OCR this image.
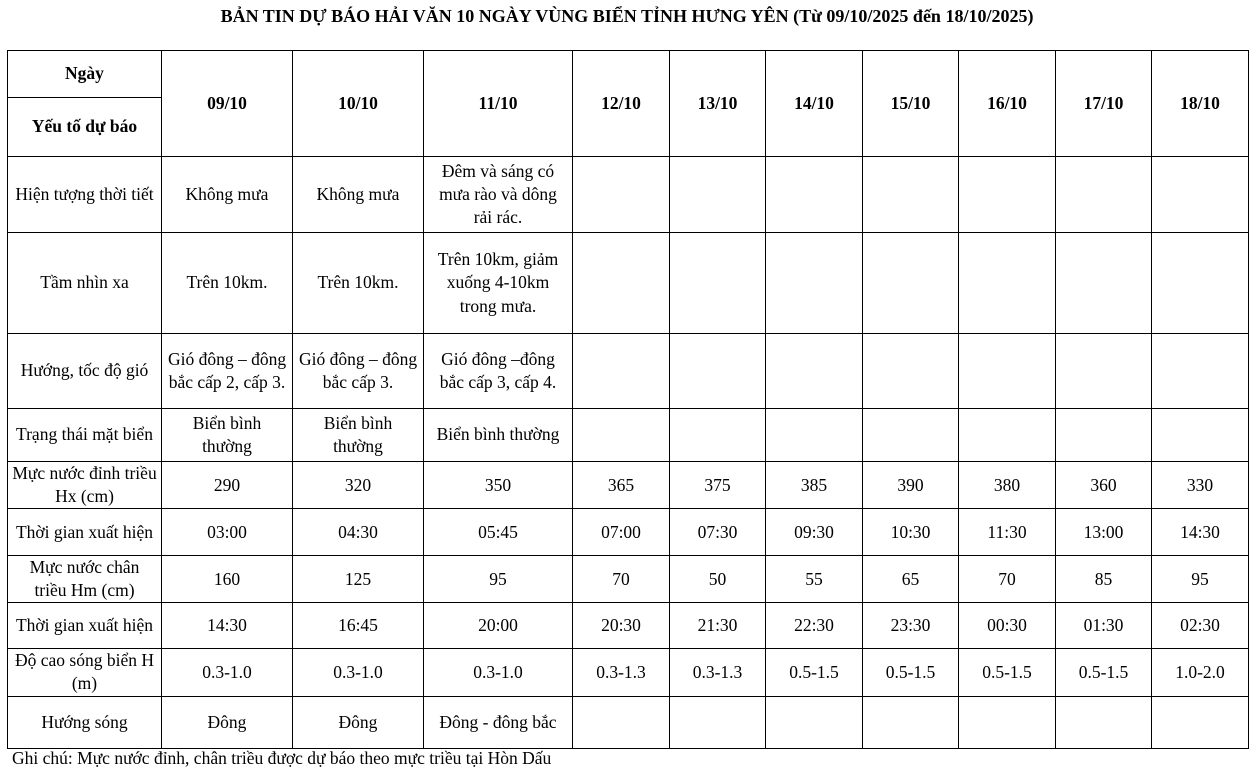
BẢN TIN DỰ BÁO HẢI VĂN 10 NGÀY VÙNG BIỂN TỈNH HƯNG YÊN (Từ 09/10/2025 đến 18/10/2025)
Ngày
Yếu tố dự báo	09/10	10/10	11/10	12/10	13/10	14/10	15/10	16/10	17/10	18/10
Hiện tượng thời tiết	Không mưa	Không mưa	Đêm và sáng có mưa rào và dông rải rác.							
Tầm nhìn xa	Trên 10km.	Trên 10km.	Trên 10km, giảm xuống 4-10km trong mưa.							
Hướng, tốc độ gió	Gió đông – đông bắc cấp 2, cấp 3.	Gió đông – đông bắc cấp 3.	Gió đông –đông bắc cấp 3, cấp 4.							
Trạng thái mặt biển	Biển bình thường	Biển bình thường	Biển bình thường							
Mực nước đỉnh triều Hx (cm)	290	320	350	365	375	385	390	380	360	330
Thời gian xuất hiện	03:00	04:30	05:45	07:00	07:30	09:30	10:30	11:30	13:00	14:30
Mực nước chân triều Hm (cm)	160	125	95	70	50	55	65	70	85	95
Thời gian xuất hiện	14:30	16:45	20:00	20:30	21:30	22:30	23:30	00:30	01:30	02:30
Độ cao sóng biển H (m)	0.3-1.0	0.3-1.0	0.3-1.0	0.3-1.3	0.3-1.3	0.5-1.5	0.5-1.5	0.5-1.5	0.5-1.5	1.0-2.0
Hướng sóng	Đông	Đông	Đông - đông bắc							
Ghi chú: Mực nước đỉnh, chân triều được dự báo theo mực triều tại Hòn Dấu
